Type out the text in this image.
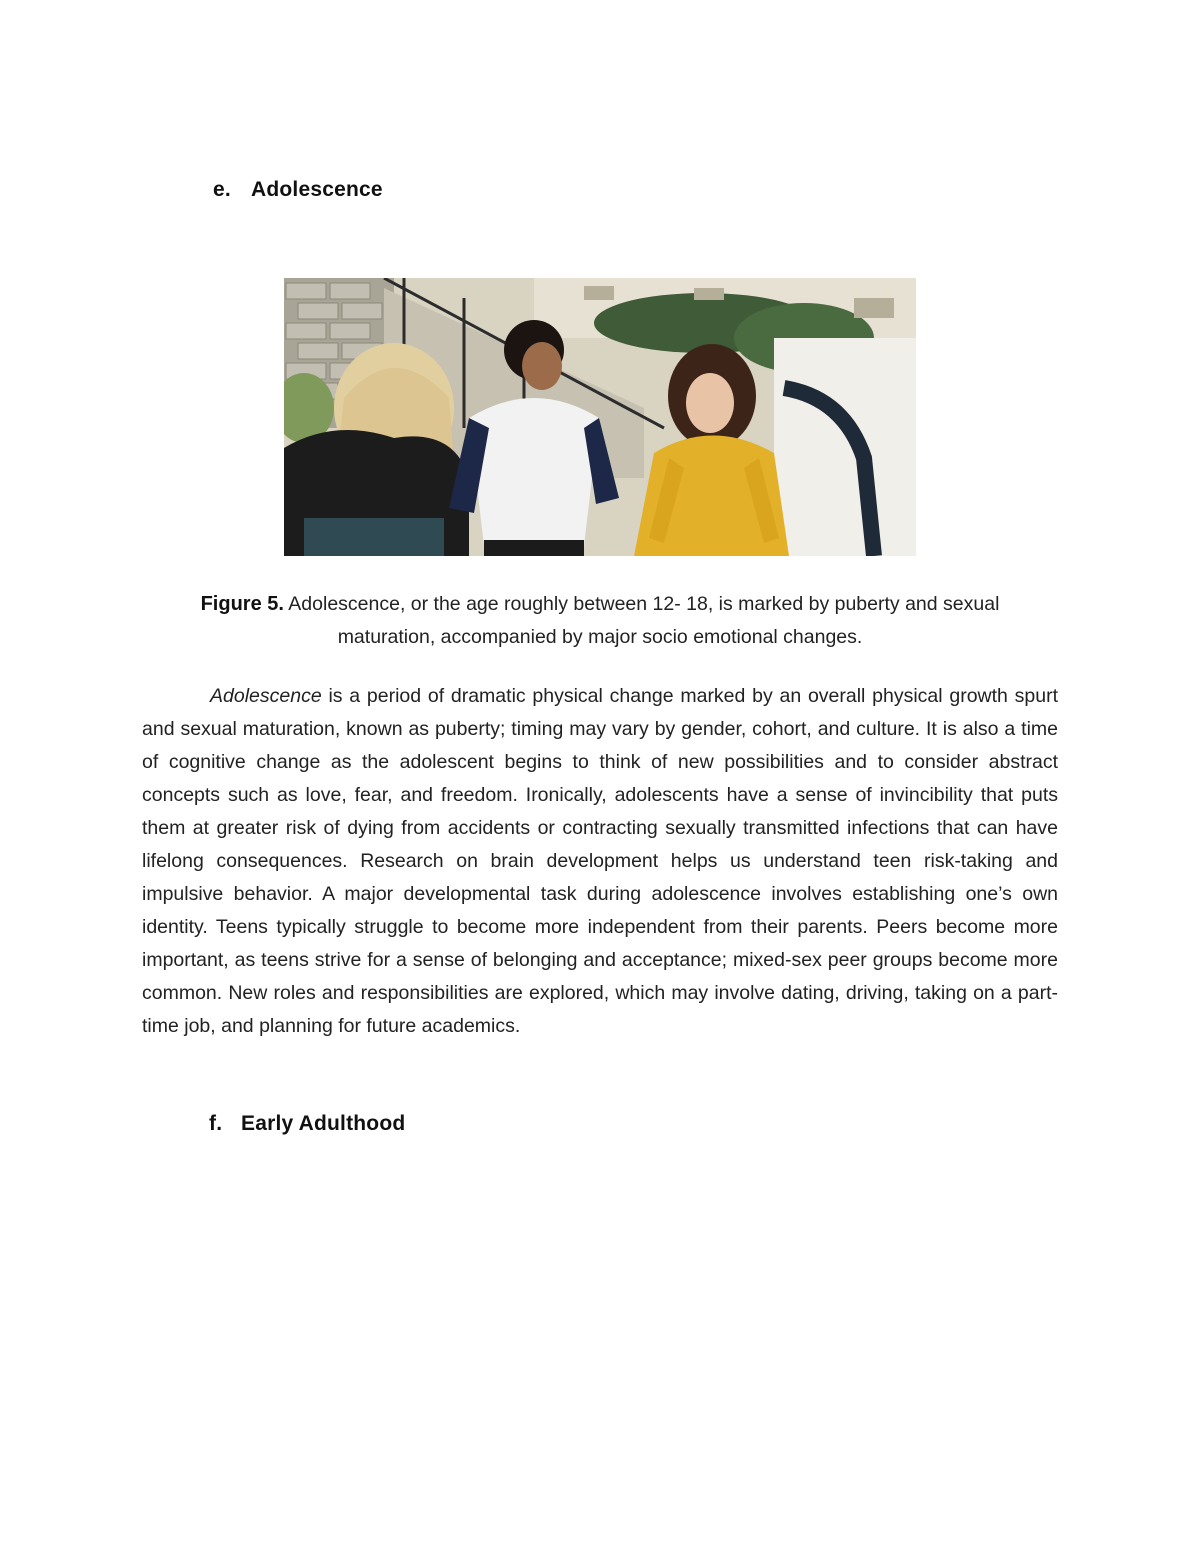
e. Adolescence
Figure 5. Adolescence, or the age roughly between 12- 18, is marked by puberty and sexual maturation, accompanied by major socio emotional changes.
Adolescence is a period of dramatic physical change marked by an overall physical growth spurt and sexual maturation, known as puberty; timing may vary by gender, cohort, and culture. It is also a time of cognitive change as the adolescent begins to think of new possibilities and to consider abstract concepts such as love, fear, and freedom. Ironically, adolescents have a sense of invincibility that puts them at greater risk of dying from accidents or contracting sexually transmitted infections that can have lifelong consequences. Research on brain development helps us understand teen risk-taking and impulsive behavior. A major developmental task during adolescence involves establishing one’s own identity. Teens typically struggle to become more independent from their parents. Peers become more important, as teens strive for a sense of belonging and acceptance; mixed-sex peer groups become more common. New roles and responsibilities are explored, which may involve dating, driving, taking on a part-time job, and planning for future academics.
f. Early Adulthood
